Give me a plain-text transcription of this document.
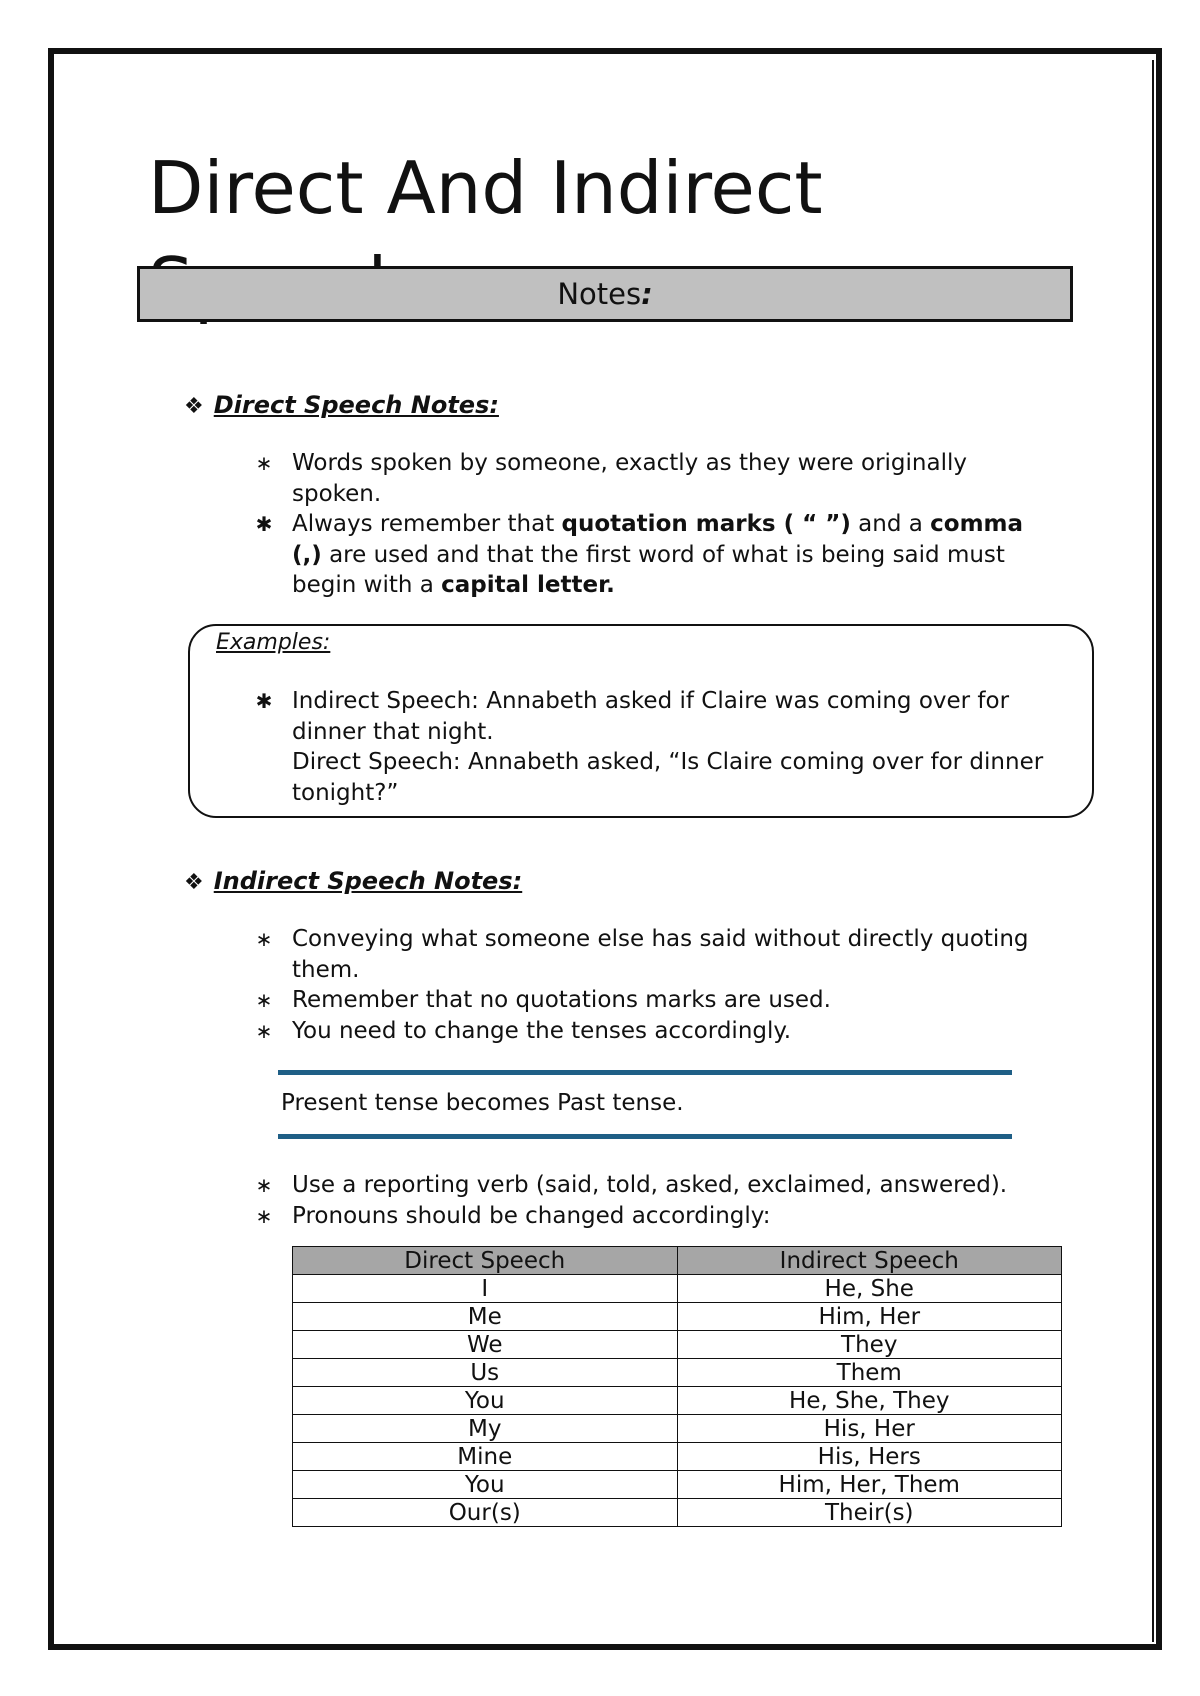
Direct And Indirect
Notes:
❖ Direct Speech Notes:
∗ Words spoken by someone, exactly as they were originally spoken.
✱ Always remember that quotation marks ( “ ”) and a comma (,) are used and that the first word of what is being said must begin with a capital letter.
Examples:
✱ Indirect Speech: Annabeth asked if Claire was coming over for dinner that night.
Direct Speech: Annabeth asked, “Is Claire coming over for dinner tonight?”
❖ Indirect Speech Notes:
∗ Conveying what someone else has said without directly quoting them.
∗ Remember that no quotations marks are used.
∗ You need to change the tenses accordingly.
Present tense becomes Past tense.
∗ Use a reporting verb (said, told, asked, exclaimed, answered).
∗ Pronouns should be changed accordingly:
Direct Speech	Indirect Speech
I	He, She
Me	Him, Her
We	They
Us	Them
You	He, She, They
My	His, Her
Mine	His, Hers
You	Him, Her, Them
Our(s)	Their(s)
